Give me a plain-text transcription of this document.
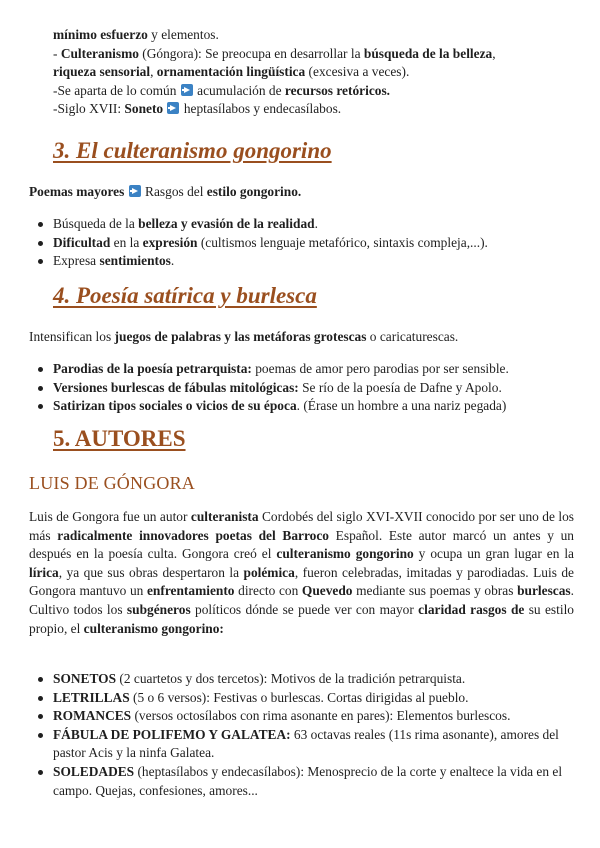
mínimo esfuerzo y elementos.

- Culteranismo (Góngora): Se preocupa en desarrollar la búsqueda de la belleza,

riqueza sensorial, ornamentación lingüística (excesiva a veces).

-Se aparta de lo común  acumulación de recursos retóricos.

-Siglo XVII: Soneto  heptasílabos y endecasílabos.

3. El culteranismo gongorino

Poemas mayores  Rasgos del estilo gongorino.

Búsqueda de la belleza y evasión de la realidad.
Dificultad en la expresión (cultismos lenguaje metafórico, sintaxis compleja,...).
Expresa sentimientos.
4. Poesía satírica y burlesca

Intensifican los juegos de palabras y las metáforas grotescas o caricaturescas.

Parodias de la poesía petrarquista: poemas de amor pero parodias por ser sensible.
Versiones burlescas de fábulas mitológicas: Se río de la poesía de Dafne y Apolo.
Satirizan tipos sociales o vicios de su época. (Érase un hombre a una nariz pegada)
5. AUTORES
LUIS DE GÓNGORA

Luis de Gongora fue un autor culteranista Cordobés del siglo XVI-XVII conocido por ser uno de los más radicalmente innovadores poetas del Barroco Español. Este autor marcó un antes y un después en la poesía culta. Gongora creó el culteranismo gongorino y ocupa un gran lugar en la lírica, ya que sus obras despertaron la polémica, fueron celebradas, imitadas y parodiadas. Luis de Gongora mantuvo un enfrentamiento directo con Quevedo mediante sus poemas y obras burlescas. Cultivo todos los subgéneros políticos dónde se puede ver con mayor claridad rasgos de su estilo propio, el culteranismo gongorino:

SONETOS (2 cuartetos y dos tercetos): Motivos de la tradición petrarquista.
LETRILLAS (5 o 6 versos): Festivas o burlescas. Cortas dirigidas al pueblo.
ROMANCES (versos octosílabos con rima asonante en pares): Elementos burlescos.
FÁBULA DE POLIFEMO Y GALATEA: 63 octavas reales (11s rima asonante), amores del pastor Acis y la ninfa Galatea.
SOLEDADES (heptasílabos y endecasílabos): Menosprecio de la corte y enaltece la vida en el campo. Quejas, confesiones, amores...
